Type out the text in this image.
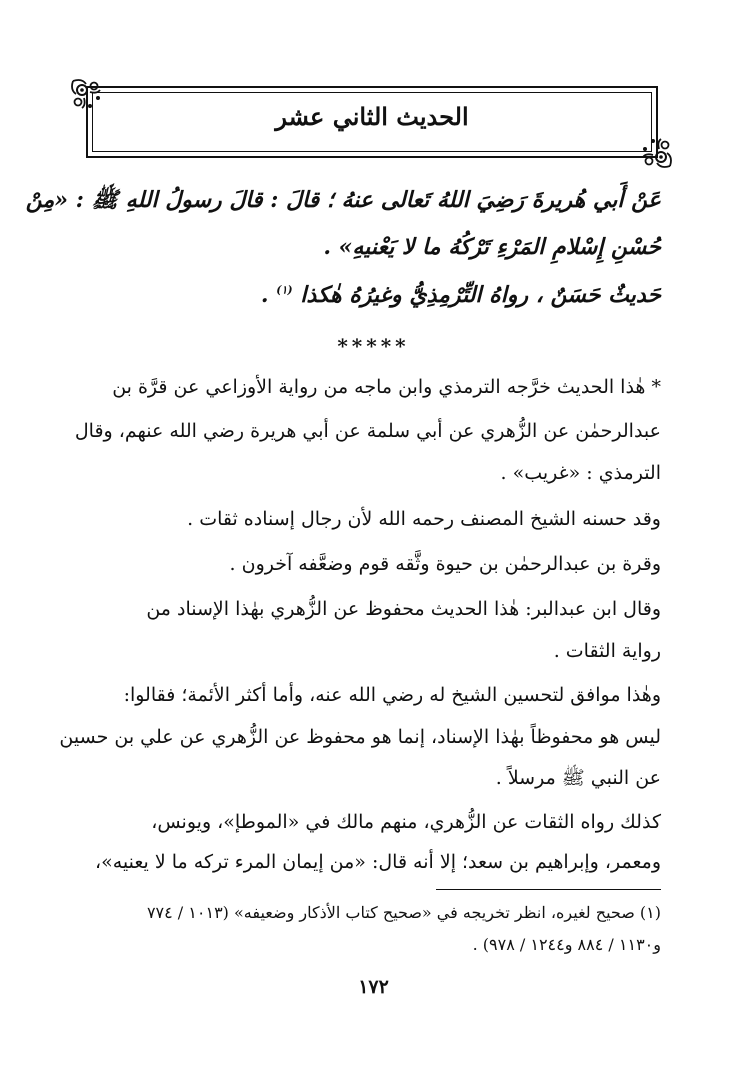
الحديث الثاني عشر
عَنْ أَبي هُريرةَ رَضِيَ اللهُ تَعالى عنهُ ؛ قالَ : قالَ رسولُ اللهِ ﷺ : «مِنْ
حُسْنِ إِسْلامِ المَرْءِ تَرْكُهُ ما لا يَعْنيهِ» .
حَديثٌ حَسَنٌ ، رواهُ التِّرْمِذِيُّ وغيرُهُ هٰكذا $^{(١)}$ .
*****
* هٰذا الحديث خرَّجه الترمذي وابن ماجه من رواية الأوزاعي عن قرَّة بن
عبدالرحمٰن عن الزُّهري عن أبي سلمة عن أبي هريرة رضي الله عنهم، وقال
الترمذي : «غريب» .
وقد حسنه الشيخ المصنف رحمه الله لأن رجال إسناده ثقات .
وقرة بن عبدالرحمٰن بن حيوة وثَّقه قوم وضعَّفه آخرون .
وقال ابن عبدالبر: هٰذا الحديث محفوظ عن الزُّهري بهٰذا الإسناد من
رواية الثقات .
وهٰذا موافق لتحسين الشيخ له رضي الله عنه، وأما أكثر الأئمة؛ فقالوا:
ليس هو محفوظاً بهٰذا الإسناد، إنما هو محفوظ عن الزُّهري عن علي بن حسين
عن النبي ﷺ مرسلاً .
كذلك رواه الثقات عن الزُّهري، منهم مالك في «الموطإ»، ويونس،
ومعمر، وإبراهيم بن سعد؛ إلا أنه قال: «من إيمان المرء تركه ما لا يعنيه»،
(١) صحيح لغيره، انظر تخريجه في «صحيح كتاب الأذكار وضعيفه» (١٠١٣ / ٧٧٤
و١١٣٠ / ٨٨٤ و١٢٤٤ / ٩٧٨) .
١٧٢
